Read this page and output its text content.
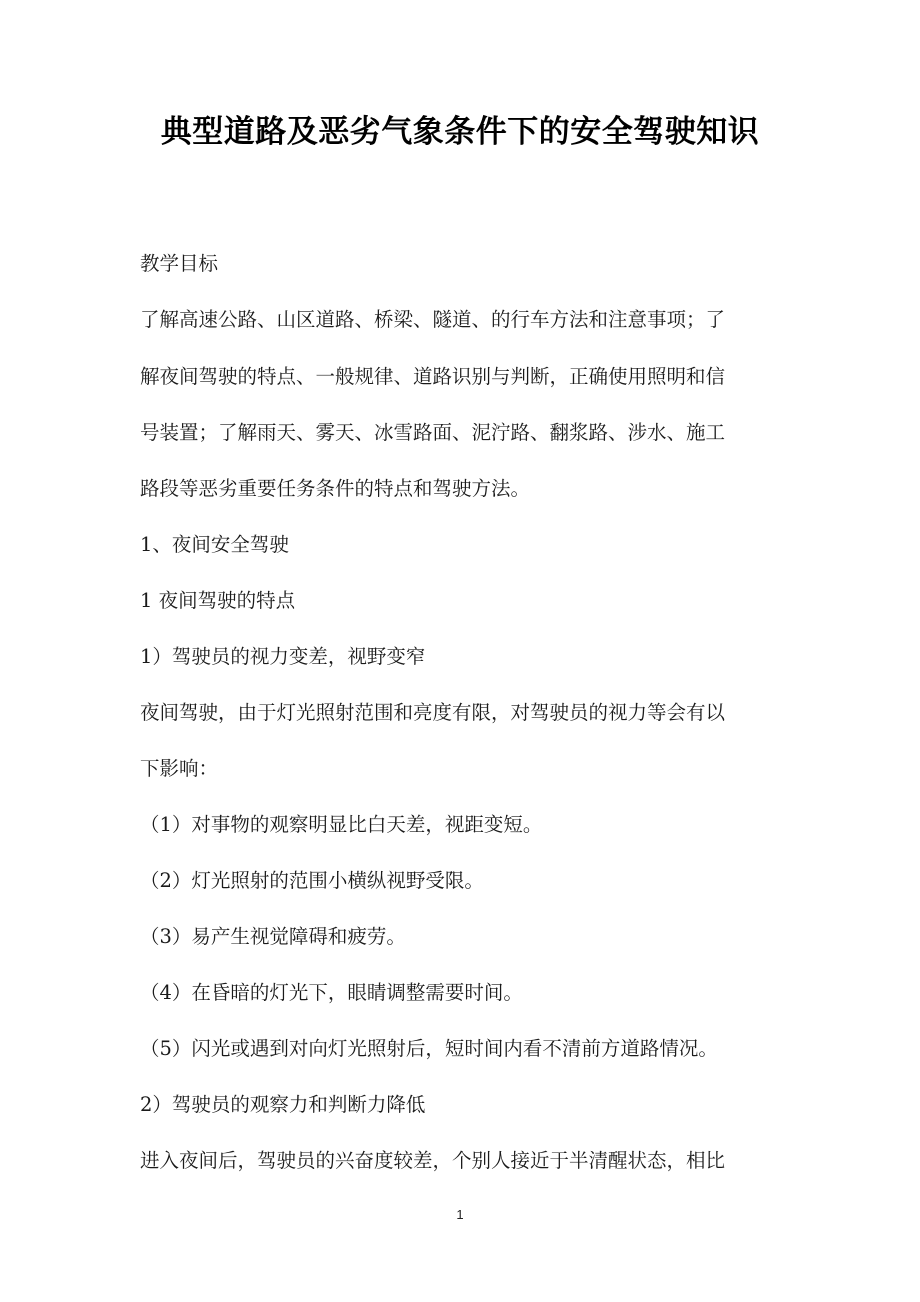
典型道路及恶劣气象条件下的安全驾驶知识
教学目标
了解高速公路、山区道路、桥梁、隧道、的行车方法和注意事项；了
解夜间驾驶的特点、一般规律、道路识别与判断，正确使用照明和信
号装置；了解雨天、雾天、冰雪路面、泥泞路、翻浆路、涉水、施工
路段等恶劣重要任务条件的特点和驾驶方法。
1、夜间安全驾驶
1 夜间驾驶的特点
1）驾驶员的视力变差，视野变窄
夜间驾驶，由于灯光照射范围和亮度有限，对驾驶员的视力等会有以
下影响：
（1）对事物的观察明显比白天差，视距变短。
（2）灯光照射的范围小横纵视野受限。
（3）易产生视觉障碍和疲劳。
（4）在昏暗的灯光下，眼睛调整需要时间。
（5）闪光或遇到对向灯光照射后，短时间内看不清前方道路情况。
2）驾驶员的观察力和判断力降低
进入夜间后，驾驶员的兴奋度较差，个别人接近于半清醒状态，相比
1
